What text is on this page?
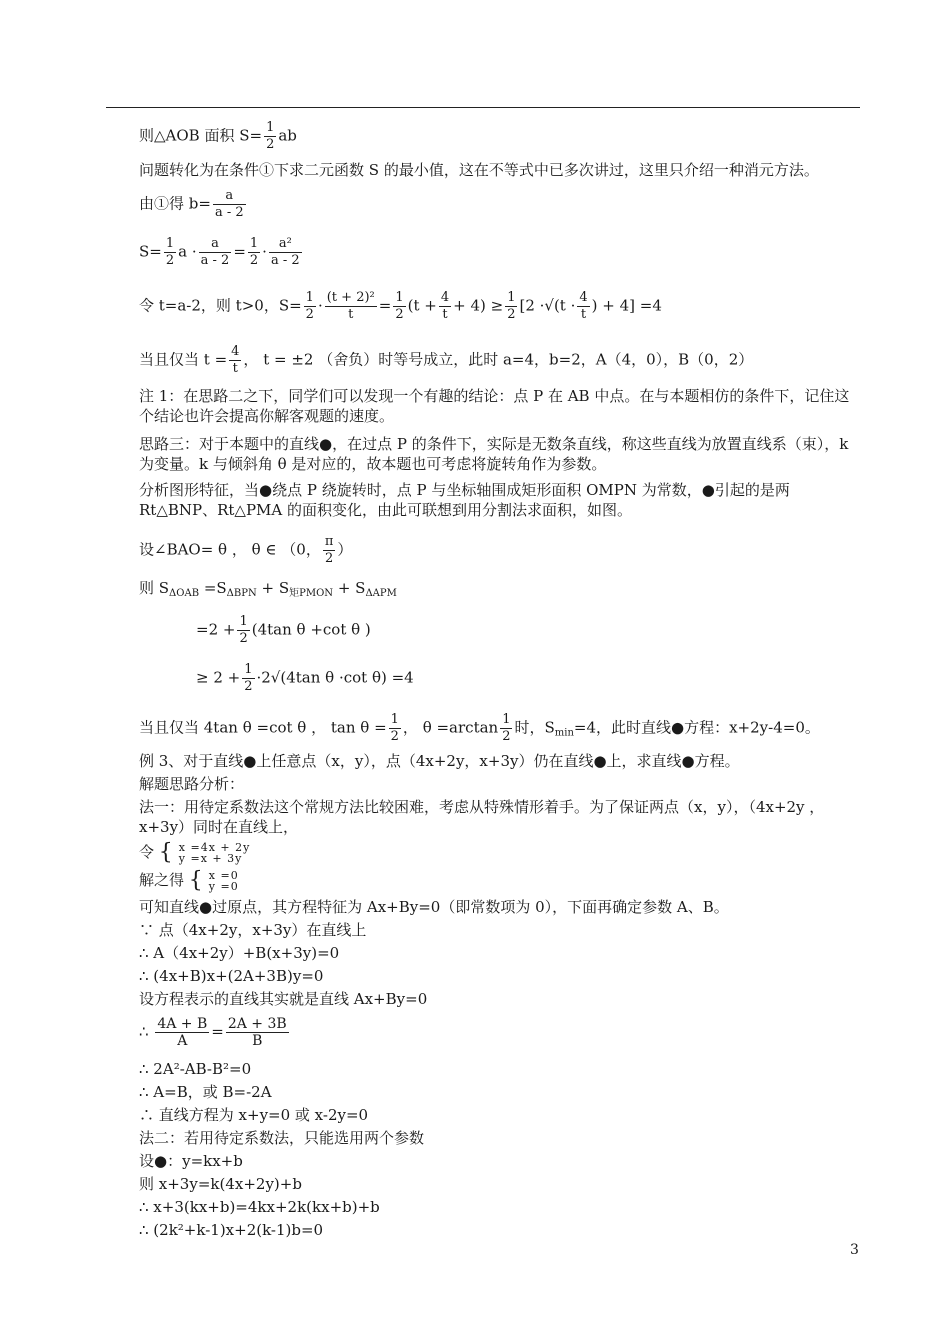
则△AOB 面积 $S= \frac{1}{2}$ ab
问题转化为在条件①下求二元函数 S 的最小值，这在不等式中已多次讲过，这里只介绍一种消元方法。
由①得 $b= \frac{a}{a - 2}$
$S= \frac{1}{2}$ $a \cdot \frac{a}{a - 2} = \frac{1}{2} \cdot \frac{\text{a²}}{a - 2}$
令 t=a-2，则 t>0，$S= \frac{1}{2} \cdot \frac{\text{(t + 2)²}}{t} = \frac{1}{2} (t + \frac{4}{t} + 4) \ge \frac{1}{2} [2 \cdot√(t \cdot \frac{4}{t}$ ) + 4] =4
当且仅当 $t = \frac{4}{t}$ ， t = ±2 （舍负）时等号成立，此时 a=4，b=2，A（4，0），B（0，2）
注 1：在思路二之下，同学们可以发现一个有趣的结论：点 P 在 AB 中点。在与本题相仿的条件下，记住这个结论也许会提高你解客观题的速度。
思路三：对于本题中的直线●，在过点 P 的条件下，实际是无数条直线，称这些直线为放置直线系（束），k 为变量。k 与倾斜角 θ 是对应的，故本题也可考虑将旋转角作为参数。
分析图形特征，当●绕点 P 绕旋转时，点 P 与坐标轴围成矩形面积 OMPN 为常数，●引起的是两 Rt△BNP、Rt△PMA 的面积变化，由此可联想到用分割法求面积，如图。
设∠BAO= θ ， θ ∈ （0， $\frac{\pi}{2}$ ）
则 $S_{\Delta OAB} =S_{\Delta BPN} + S_{矩PMON} + S_{\Delta APM}$
$=2 + \frac{1}{2} (4\tan$ θ +cot θ )
≥ $2 + \frac{1}{2} \cdot 2√(4\tan$ θ ·cot θ) =4
当且仅当 4tan θ =cot θ ， $\tan \theta = \frac{1}{2}$ ， $\theta =\arctan \frac{1}{2}$ 时，$S_{min}=4$，此时直线●方程：x+2y-4=0。
例 3、对于直线●上任意点（x，y），点（4x+2y，x+3y）仍在直线●上，求直线●方程。
解题思路分析：
法一：用待定系数法这个常规方法比较困难，考虑从特殊情形着手。为了保证两点（x，y），（4x+2y ，x+3y）同时在直线上，
令 { x =4x + 2y
y =x + 3y
解之得 { x =0
y =0
可知直线●过原点，其方程特征为 Ax+By=0（即常数项为 0），下面再确定参数 A、B。
∵ 点（4x+2y，x+3y）在直线上
∴ A（4x+2y）+B(x+3y)=0
∴ (4x+B)x+(2A+3B)y=0
设方程表示的直线其实就是直线 Ax+By=0
∴ $\frac{4A + B}{A} = \frac{2A + 3B}{B}$
∴ 2A²-AB-B²=0
∴ A=B，或 B=-2A
∴ 直线方程为 x+y=0 或 x-2y=0
法二：若用待定系数法，只能选用两个参数
设●：y=kx+b
则 x+3y=k(4x+2y)+b
∴ x+3(kx+b)=4kx+2k(kx+b)+b
∴ (2k²+k-1)x+2(k-1)b=0
3
